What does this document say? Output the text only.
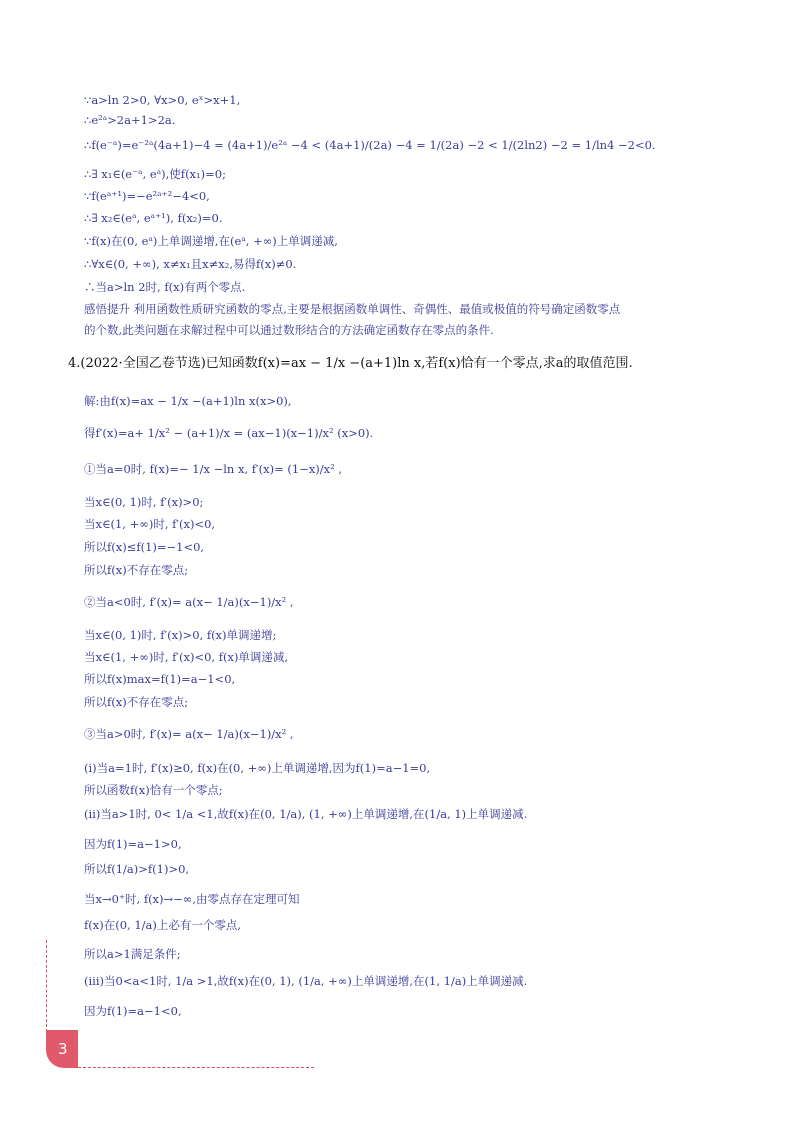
∵a>ln 2>0, ∀x>0, eˣ>x+1,
∴e²ᵃ>2a+1>2a.
∴f(e⁻ᵃ)=e⁻²ᵃ(4a+1)−4 = (4a+1)/e²ᵃ −4 < (4a+1)/(2a) −4 = 1/(2a) −2 < 1/(2ln2) −2 = 1/ln4 −2<0.
∴∃ x₁∈(e⁻ᵃ, eᵃ),使f(x₁)=0;
∵f(eᵃ⁺¹)=−e²ᵃ⁺²−4<0,
∴∃ x₂∈(eᵃ, eᵃ⁺¹), f(x₂)=0.
∵f(x)在(0, eᵃ)上单调递增,在(eᵃ, +∞)上单调递减,
∴∀x∈(0, +∞), x≠x₁且x≠x₂,易得f(x)≠0.
∴当a>ln 2时, f(x)有两个零点.
感悟提升 利用函数性质研究函数的零点,主要是根据函数单调性、奇偶性、最值或极值的符号确定函数零点
的个数,此类问题在求解过程中可以通过数形结合的方法确定函数存在零点的条件.
4.(2022·全国乙卷节选)已知函数f(x)=ax − 1/x −(a+1)ln x,若f(x)恰有一个零点,求a的取值范围.
解:由f(x)=ax − 1/x −(a+1)ln x(x>0),
得f′(x)=a+ 1/x² − (a+1)/x = (ax−1)(x−1)/x² (x>0).
①当a=0时, f(x)=− 1/x −ln x, f′(x)= (1−x)/x² ,
当x∈(0, 1)时, f′(x)>0;
当x∈(1, +∞)时, f′(x)<0,
所以f(x)≤f(1)=−1<0,
所以f(x)不存在零点;
②当a<0时, f′(x)= a(x− 1/a)(x−1)/x² ,
当x∈(0, 1)时, f′(x)>0, f(x)单调递增;
当x∈(1, +∞)时, f′(x)<0, f(x)单调递减,
所以f(x)max=f(1)=a−1<0,
所以f(x)不存在零点;
③当a>0时, f′(x)= a(x− 1/a)(x−1)/x² ,
(ⅰ)当a=1时, f′(x)≥0, f(x)在(0, +∞)上单调递增,因为f(1)=a−1=0,
所以函数f(x)恰有一个零点;
(ⅱ)当a>1时, 0< 1/a <1,故f(x)在(0, 1/a), (1, +∞)上单调递增,在(1/a, 1)上单调递减.
因为f(1)=a−1>0,
所以f(1/a)>f(1)>0,
当x→0⁺时, f(x)→−∞,由零点存在定理可知
f(x)在(0, 1/a)上必有一个零点,
所以a>1满足条件;
(ⅲ)当0<a<1时, 1/a >1,故f(x)在(0, 1), (1/a, +∞)上单调递增,在(1, 1/a)上单调递减.
因为f(1)=a−1<0,
3
